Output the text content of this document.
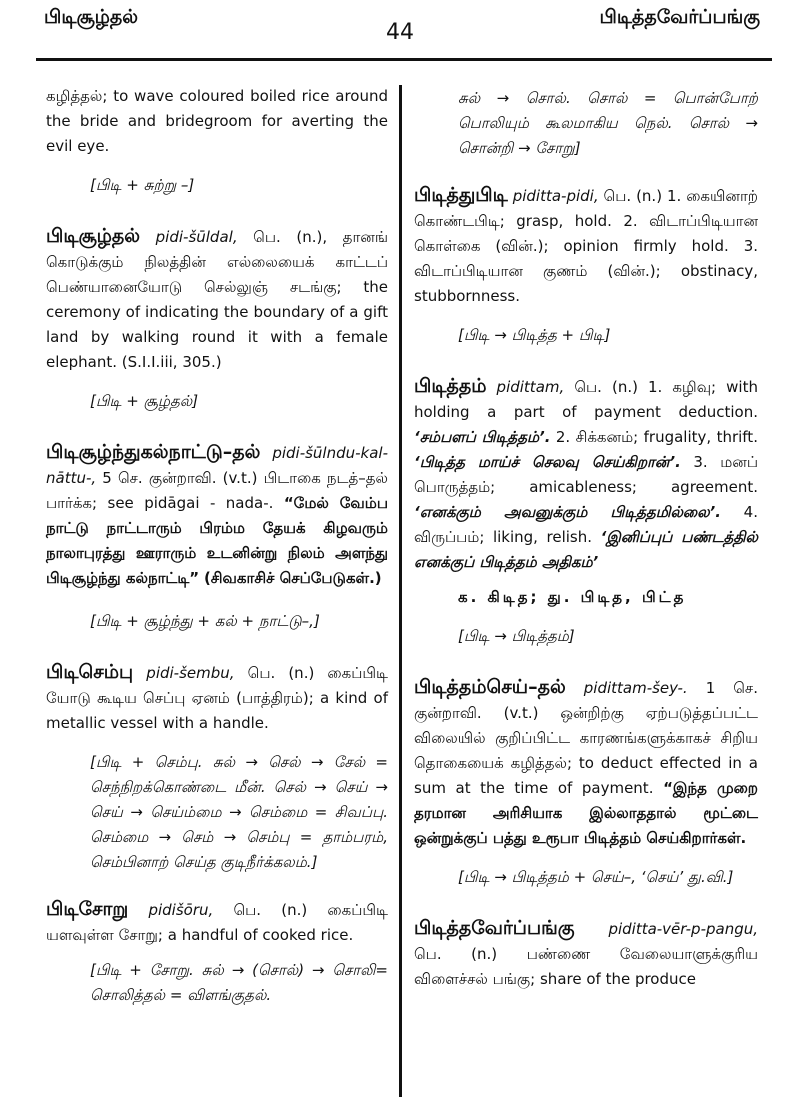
பிடிசூழ்தல்
44
பிடித்தவேர்ப்பங்கு

கழித்தல்; to wave coloured boiled rice around the bride and bridegroom for averting the evil eye.

[பிடி + சுற்று –]

பிடிசூழ்தல் pidi-šūldal, பெ. (n.), தானங் கொடுக்கும் நிலத்தின் எல்லையைக் காட்டப் பெண்யானையோடு செல்லுஞ் சடங்கு; the ceremony of indicating the boundary of a gift land by walking round it with a female elephant. (S.I.I.iii, 305.)

[பிடி + சூழ்தல்]

பிடிசூழ்ந்துகல்நாட்டு–தல் pidi-šūlndu-kal-nāttu-, 5 செ. குன்றாவி. (v.t.) பிடாகை நடத்–தல் பார்க்க; see pidāgai - nada-. “மேல் வேம்ப நாட்டு நாட்டாரும் பிரம்ம தேயக் கிழவரும் நாலாபுரத்து ஊராரும் உடனின்று நிலம் அளந்து பிடிசூழ்ந்து கல்நாட்டி” (சிவகாசிச் செப்பேடுகள்.)

[பிடி + சூழ்ந்து + கல் + நாட்டு–,]

பிடிசெம்பு pidi-šembu, பெ. (n.) கைப்பிடி யோடு கூடிய செப்பு ஏனம் (பாத்திரம்); a kind of metallic vessel with a handle.

[பிடி + செம்பு. சுல் → செல் → சேல் = செந்நிறக்கொண்டை மீன். செல் → செய் → செய் → செய்ம்மை → செம்மை = சிவப்பு. செம்மை → செம் → செம்பு = தாம்பரம், செம்பினாற் செய்த குடிநீர்க்கலம்.]

பிடிசோறு pidišōru, பெ. (n.) கைப்பிடி யளவுள்ள சோறு; a handful of cooked rice.

[பிடி + சோறு. சுல் → (சொல்) → சொலி= சொலித்தல் = விளங்குதல்.

சுல் → சொல். சொல் = பொன்போற் பொலியும் கூலமாகிய நெல். சொல் → சொன்றி → சோறு]

பிடித்துபிடி piditta-pidi, பெ. (n.) 1. கையினாற் கொண்டபிடி; grasp, hold. 2. விடாப்பிடியான கொள்கை (வின்.); opinion firmly hold. 3. விடாப்பிடியான குணம் (வின்.); obstinacy, stubbornness.

[பிடி → பிடித்த + பிடி]

பிடித்தம் pidittam, பெ. (n.) 1. கழிவு; with holding a part of payment deduction. ‘சம்பளப் பிடித்தம்’. 2. சிக்கனம்; frugality, thrift. ‘பிடித்த மாய்ச் செலவு செய்கிறான்’. 3. மனப் பொருத்தம்; amicableness; agreement. ‘எனக்கும் அவனுக்கும் பிடித்தமில்லை’. 4. விருப்பம்; liking, relish. ‘இனிப்புப் பண்டத்தில் எனக்குப் பிடித்தம் அதிகம்’

க. கிடித; து. பிடித, பிட்த

[பிடி → பிடித்தம்]

பிடித்தம்செய்–தல் pidittam-šey-. 1 செ. குன்றாவி. (v.t.) ஒன்றிற்கு ஏற்படுத்தப்பட்ட விலையில் குறிப்பிட்ட காரணங்களுக்காகச் சிறிய தொகையைக் கழித்தல்; to deduct effected in a sum at the time of payment. “இந்த முறை தரமான அரிசியாக இல்லாததால் மூட்டை ஒன்றுக்குப் பத்து உரூபா பிடித்தம் செய்கிறார்கள்.

[பிடி → பிடித்தம் + செய்–, ‘செய்’ து.வி.]

பிடித்தவேர்ப்பங்கு piditta-vēr-p-pangu, பெ. (n.) பண்ணை வேலையாளுக்குரிய விளைச்சல் பங்கு; share of the produce
